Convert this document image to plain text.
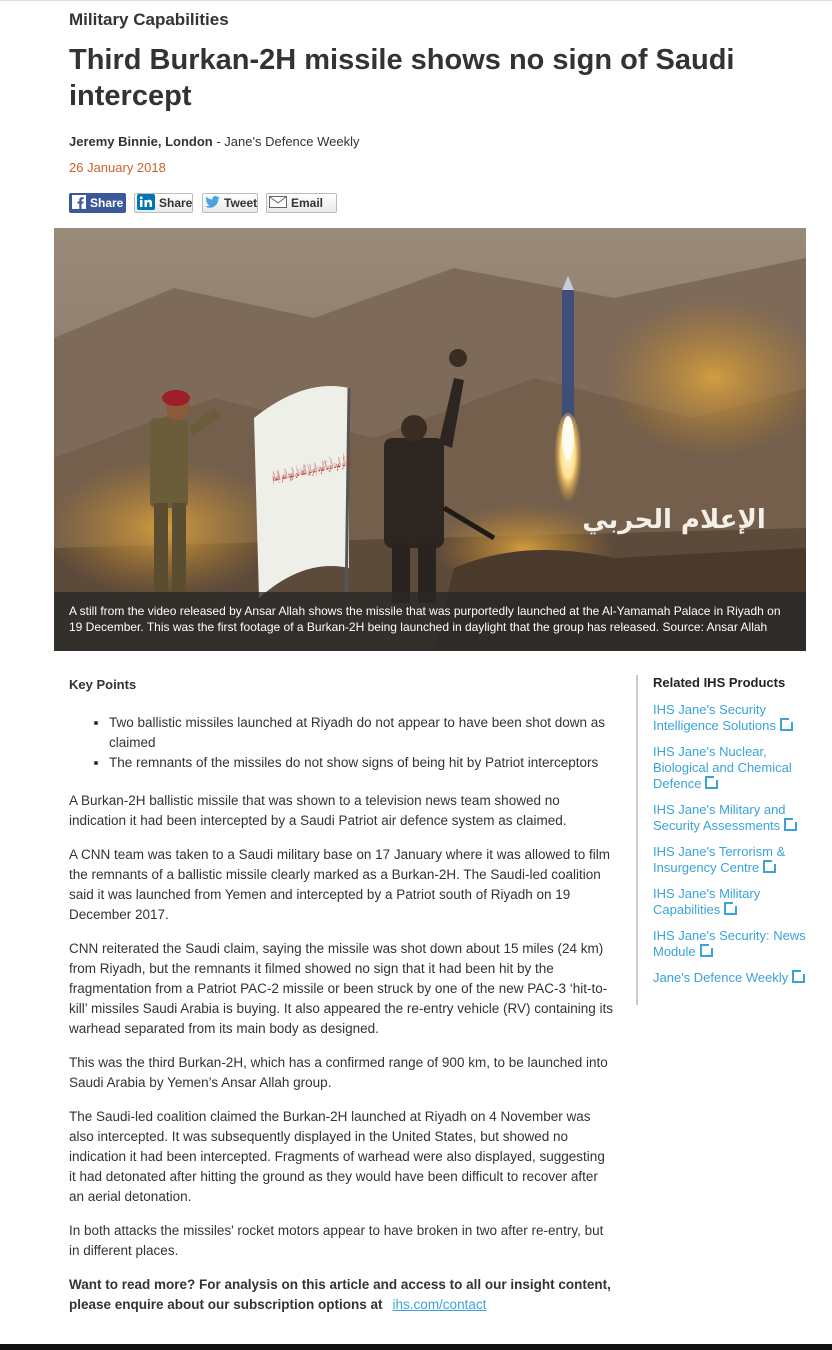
Military Capabilities
Third Burkan-2H missile shows no sign of Saudi intercept
Jeremy Binnie, London - Jane's Defence Weekly
26 January 2018
Share	Share	Tweet	Email
الإعلام الحربي
A still from the video released by Ansar Allah shows the missile that was purportedly launched at the Al-Yamamah Palace in Riyadh on 19 December. This was the first footage of a Burkan-2H being launched in daylight that the group has released. Source: Ansar Allah
Key Points
• Two ballistic missiles launched at Riyadh do not appear to have been shot down as claimed
• The remnants of the missiles do not show signs of being hit by Patriot interceptors

A Burkan-2H ballistic missile that was shown to a television news team showed no indication it had been intercepted by a Saudi Patriot air defence system as claimed.

A CNN team was taken to a Saudi military base on 17 January where it was allowed to film the remnants of a ballistic missile clearly marked as a Burkan-2H. The Saudi-led coalition said it was launched from Yemen and intercepted by a Patriot south of Riyadh on 19 December 2017.

CNN reiterated the Saudi claim, saying the missile was shot down about 15 miles (24 km) from Riyadh, but the remnants it filmed showed no sign that it had been hit by the fragmentation from a Patriot PAC-2 missile or been struck by one of the new PAC-3 ‘hit-to-kill’ missiles Saudi Arabia is buying. It also appeared the re-entry vehicle (RV) containing its warhead separated from its main body as designed.

This was the third Burkan-2H, which has a confirmed range of 900 km, to be launched into Saudi Arabia by Yemen’s Ansar Allah group.

The Saudi-led coalition claimed the Burkan-2H launched at Riyadh on 4 November was also intercepted. It was subsequently displayed in the United States, but showed no indication it had been intercepted. Fragments of warhead were also displayed, suggesting it had detonated after hitting the ground as they would have been difficult to recover after an aerial detonation.

In both attacks the missiles' rocket motors appear to have broken in two after re-entry, but in different places.

Want to read more? For analysis on this article and access to all our insight content, please enquire about our subscription options at ihs.com/contact

Related IHS Products
IHS Jane's Security Intelligence Solutions
IHS Jane's Nuclear, Biological and Chemical Defence
IHS Jane's Military and Security Assessments
IHS Jane's Terrorism & Insurgency Centre
IHS Jane's Military Capabilities
IHS Jane's Security: News Module
Jane's Defence Weekly
